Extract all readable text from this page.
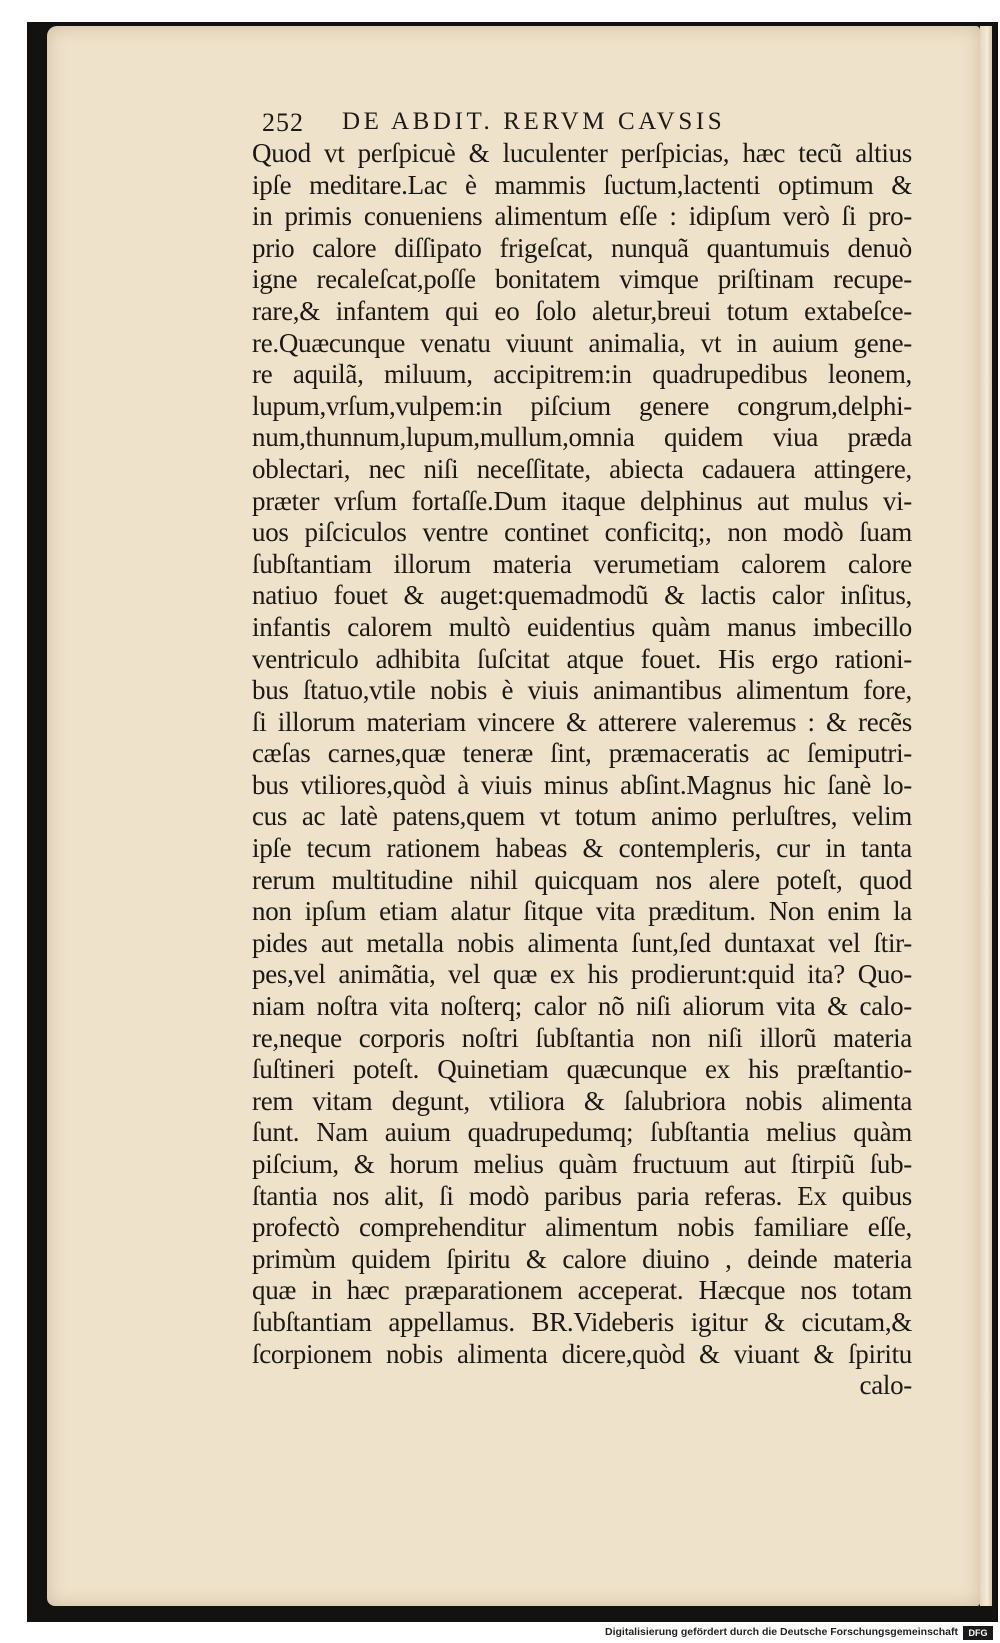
252 DE ABDIT. RERVM CAVSIS
Quod vt perſpicuè & luculenter perſpicias, hæc tecũ altius
ipſe meditare.Lac è mammis ſuctum,lactenti optimum &
in primis conueniens alimentum eſſe : idipſum verò ſi pro-
prio calore diſſipato frigeſcat, nunquã quantumuis denuò
igne recaleſcat,poſſe bonitatem vimque priſtinam recupe-
rare,& infantem qui eo ſolo aletur,breui totum extabeſce-
re.Quæcunque venatu viuunt animalia, vt in auium gene-
re aquilã, miluum, accipitrem:in quadrupedibus leonem,
lupum,vrſum,vulpem:in piſcium genere congrum,delphi-
num,thunnum,lupum,mullum,omnia quidem viua præda
oblectari, nec niſi neceſſitate, abiecta cadauera attingere,
præter vrſum fortaſſe.Dum itaque delphinus aut mulus vi-
uos piſciculos ventre continet conficitq;, non modò ſuam
ſubſtantiam illorum materia verumetiam calorem calore
natiuo fouet & auget:quemadmodũ & lactis calor inſitus,
infantis calorem multò euidentius quàm manus imbecillo
ventriculo adhibita ſuſcitat atque fouet. His ergo rationi-
bus ſtatuo,vtile nobis è viuis animantibus alimentum fore,
ſi illorum materiam vincere & atterere valeremus : & recẽs
cæſas carnes,quæ teneræ ſint, præmaceratis ac ſemiputri-
bus vtiliores,quòd à viuis minus abſint.Magnus hic ſanè lo-
cus ac latè patens,quem vt totum animo perluſtres, velim
ipſe tecum rationem habeas & contempleris, cur in tanta
rerum multitudine nihil quicquam nos alere poteſt, quod
non ipſum etiam alatur ſitque vita præditum. Non enim la
pides aut metalla nobis alimenta ſunt,ſed duntaxat vel ſtir-
pes,vel animãtia, vel quæ ex his prodierunt:quid ita? Quo-
niam noſtra vita noſterq; calor nõ niſi aliorum vita & calo-
re,neque corporis noſtri ſubſtantia non niſi illorũ materia
ſuſtineri poteſt. Quinetiam quæcunque ex his præſtantio-
rem vitam degunt, vtiliora & ſalubriora nobis alimenta
ſunt. Nam auium quadrupedumq; ſubſtantia melius quàm
piſcium, & horum melius quàm fructuum aut ſtirpiũ ſub-
ſtantia nos alit, ſi modò paribus paria referas. Ex quibus
profectò comprehenditur alimentum nobis familiare eſſe,
primùm quidem ſpiritu & calore diuino , deinde materia
quæ in hæc præparationem acceperat. Hæcque nos totam
ſubſtantiam appellamus. BR.Videberis igitur & cicutam,&
ſcorpionem nobis alimenta dicere,quòd & viuant & ſpiritu
calo-
Digitalisierung gefördert durch die Deutsche Forschungsgemeinschaft	DFG
